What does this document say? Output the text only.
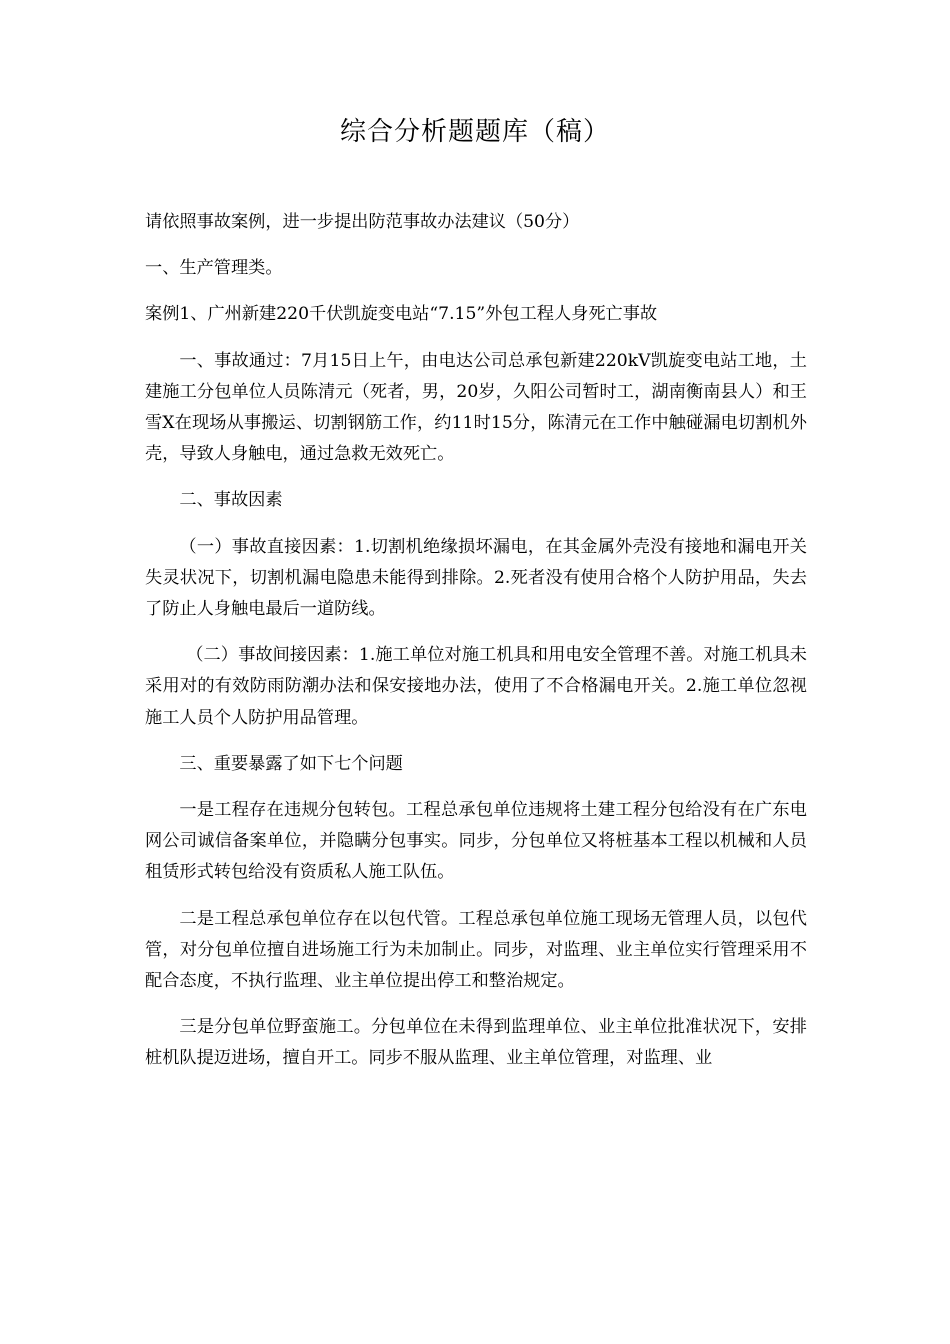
综合分析题题库（稿）

请依照事故案例，进一步提出防范事故办法建议（50分）

一、生产管理类。

案例1、广州新建220千伏凯旋变电站“7.15”外包工程人身死亡事故

一、事故通过：7月15日上午，由电达公司总承包新建220kV凯旋变电站工地，土建施工分包单位人员陈清元（死者，男，20岁，久阳公司暂时工，湖南衡南县人）和王雪X在现场从事搬运、切割钢筋工作，约11时15分，陈清元在工作中触碰漏电切割机外壳，导致人身触电，通过急救无效死亡。

二、事故因素

（一）事故直接因素：1.切割机绝缘损坏漏电，在其金属外壳没有接地和漏电开关失灵状况下，切割机漏电隐患未能得到排除。2.死者没有使用合格个人防护用品，失去了防止人身触电最后一道防线。

（二）事故间接因素：1.施工单位对施工机具和用电安全管理不善。对施工机具未采用对的有效防雨防潮办法和保安接地办法，使用了不合格漏电开关。2.施工单位忽视施工人员个人防护用品管理。

三、重要暴露了如下七个问题

一是工程存在违规分包转包。工程总承包单位违规将土建工程分包给没有在广东电网公司诚信备案单位，并隐瞒分包事实。同步，分包单位又将桩基本工程以机械和人员租赁形式转包给没有资质私人施工队伍。

二是工程总承包单位存在以包代管。工程总承包单位施工现场无管理人员，以包代管，对分包单位擅自进场施工行为未加制止。同步，对监理、业主单位实行管理采用不配合态度，不执行监理、业主单位提出停工和整治规定。

三是分包单位野蛮施工。分包单位在未得到监理单位、业主单位批准状况下，安排桩机队提迈进场，擅自开工。同步不服从监理、业主单位管理，对监理、业
